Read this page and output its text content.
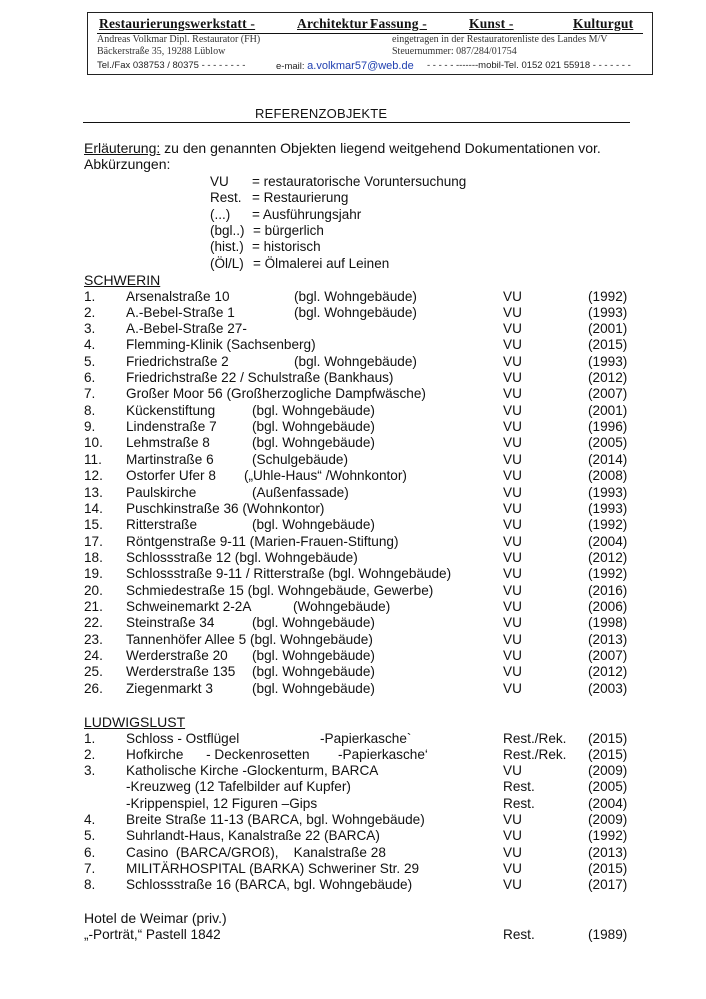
Restaurierungswerkstatt -	Architektur -
Fassung -	Kunst -	Kulturgut
Andreas Volkmar Dipl. Restaurator (FH)
Bäckerstraße 35, 19288 Lüblow
eingetragen in der Restauratorenliste des Landes M/V
Steuernummer: 087/284/01754
Tel./Fax 038753 / 80375 - - - - - - - -	e-mail: a.volkmar57@web.de - - - - - -------mobil-Tel. 0152 021 55918 - - - - - - -
REFERENZOBJEKTE
Erläuterung: zu den genannten Objekten liegend weitgehend Dokumentationen vor.
Abkürzungen:
VU = restauratorische Voruntersuchung
Rest. = Restaurierung
(...) = Ausführungsjahr
(bgl..) = bürgerlich
(hist.) = historisch
(Öl/L) = Ölmalerei auf Leinen
SCHWERIN
1. Arsenalstraße 10	(bgl. Wohngebäude)	VU	(1992)
2. A.-Bebel-Straße 1	(bgl. Wohngebäude)	VU	(1993)
3. A.-Bebel-Straße 27-	VU	(2001)
4. Flemming-Klinik (Sachsenberg)	VU	(2015)
5. Friedrichstraße 2	(bgl. Wohngebäude)	VU	(1993)
6. Friedrichstraße 22 / Schulstraße (Bankhaus)	VU	(2012)
7. Großer Moor 56 (Großherzogliche Dampfwäsche)	VU	(2007)
8. Kückenstiftung	(bgl. Wohngebäude)	VU	(2001)
9. Lindenstraße 7	(bgl. Wohngebäude)	VU	(1996)
10. Lehmstraße 8	(bgl. Wohngebäude)	VU	(2005)
11. Martinstraße 6	(Schulgebäude)	VU	(2014)
12. Ostorfer Ufer 8 („Uhle-Haus“ /Wohnkontor)	VU	(2008)
13. Paulskirche	(Außenfassade)	VU	(1993)
14. Puschkinstraße 36 (Wohnkontor)	VU	(1993)
15. Ritterstraße	(bgl. Wohngebäude)	VU	(1992)
17. Röntgenstraße 9-11 (Marien-Frauen-Stiftung)	VU	(2004)
18. Schlossstraße 12 (bgl. Wohngebäude)	VU	(2012)
19. Schlossstraße 9-11 / Ritterstraße (bgl. Wohngebäude)	VU	(1992)
20. Schmiedestraße 15 (bgl. Wohngebäude, Gewerbe)	VU	(2016)
21. Schweinemarkt 2-2A	(Wohngebäude)	VU	(2006)
22. Steinstraße 34	(bgl. Wohngebäude)	VU	(1998)
23. Tannenhöfer Allee 5 (bgl. Wohngebäude)	VU	(2013)
24. Werderstraße 20 (bgl. Wohngebäude)	VU	(2007)
25. Werderstraße 135 (bgl. Wohngebäude)	VU	(2012)
26. Ziegenmarkt 3	(bgl. Wohngebäude)	VU	(2003)
LUDWIGSLUST
1. Schloss - Ostflügel	-Papierkasche`	Rest./Rek. (2015)
2. Hofkirche      - Deckenrosetten -Papierkasche‘	Rest./Rek. (2015)
3. Katholische Kirche -Glockenturm, BARCA	VU	(2009)
-Kreuzweg (12 Tafelbilder auf Kupfer)	Rest.	(2005)
-Krippenspiel, 12 Figuren –Gips	Rest.	(2004)
4. Breite Straße 11-13 (BARCA, bgl. Wohngebäude)	VU	(2009)
5. Suhrlandt-Haus, Kanalstraße 22 (BARCA)	VU	(1992)
6. Casino  (BARCA/GROß),    Kanalstraße 28	VU	(2013)
7. MILITÄRHOSPITAL (BARKA) Schweriner Str. 29	VU	(2015)
8. Schlossstraße 16 (BARCA, bgl. Wohngebäude)	VU	(2017)
Hotel de Weimar (priv.)
„-Porträt,“ Pastell 1842	Rest.	(1989)
